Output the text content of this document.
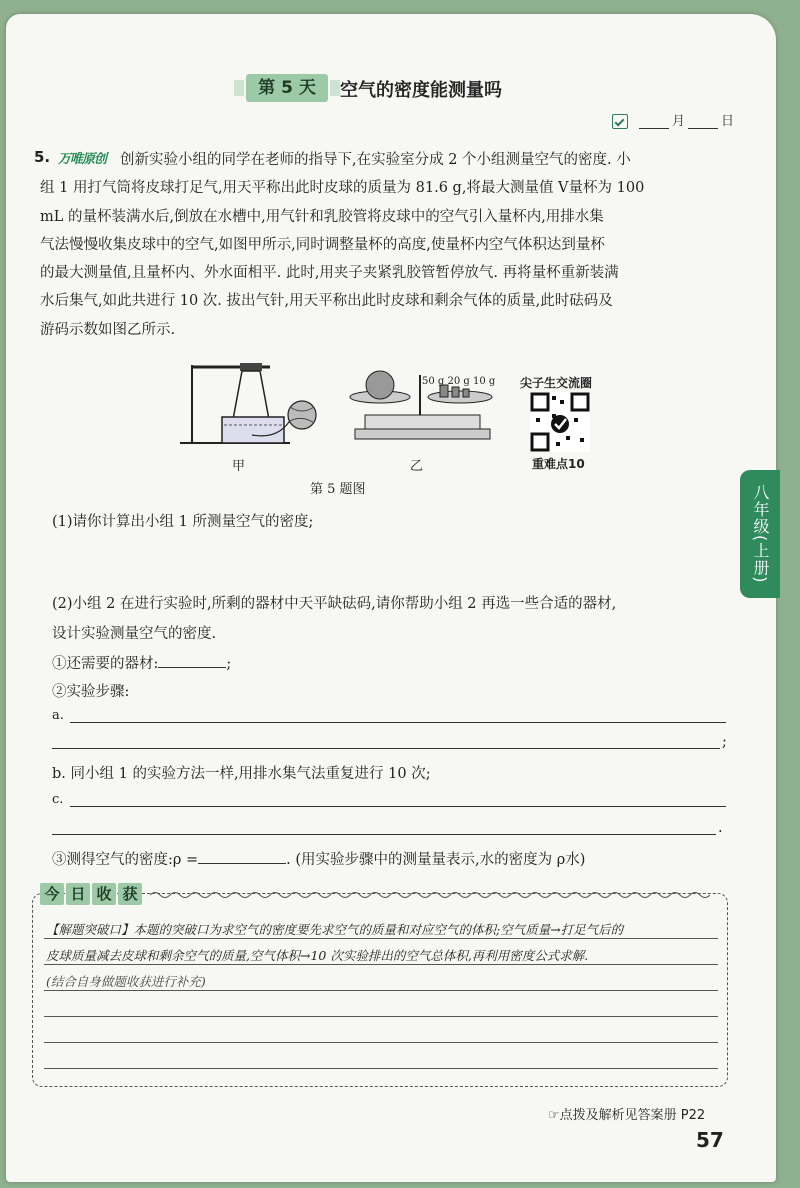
第 5 天	空气的密度能测量吗
月	日
5. 万唯原创 创新实验小组的同学在老师的指导下,在实验室分成 2 个小组测量空气的密度. 小
组 1 用打气筒将皮球打足气,用天平称出此时皮球的质量为 81.6 g,将最大测量值 V量杯为 100
mL 的量杯装满水后,倒放在水槽中,用气针和乳胶管将皮球中的空气引入量杯内,用排水集
气法慢慢收集皮球中的空气,如图甲所示,同时调整量杯的高度,使量杯内空气体积达到量杯
的最大测量值,且量杯内、外水面相平. 此时,用夹子夹紧乳胶管暂停放气. 再将量杯重新装满
水后集气,如此共进行 10 次. 拔出气针,用天平称出此时皮球和剩余气体的质量,此时砝码及
游码示数如图乙所示.
50 g 20 g 10 g
甲	乙
尖子生交流圈
重难点10
第 5 题图
(1)请你计算出小组 1 所测量空气的密度;
(2)小组 2 在进行实验时,所剩的器材中天平缺砝码,请你帮助小组 2 再选一些合适的器材,
设计实验测量空气的密度.
①还需要的器材:	;
②实验步骤:
a.
;
b. 同小组 1 的实验方法一样,用排水集气法重复进行 10 次;
c.
.
③测得空气的密度:ρ =	. (用实验步骤中的测量量表示,水的密度为 ρ水)
八年级(上册)
今 日 收 获
【解题突破口】本题的突破口为求空气的密度要先求空气的质量和对应空气的体积;空气质量→打足气后的
皮球质量减去皮球和剩余空气的质量,空气体积→10 次实验排出的空气总体积,再利用密度公式求解.
(结合自身做题收获进行补充)
☞点拨及解析见答案册 P22
57
